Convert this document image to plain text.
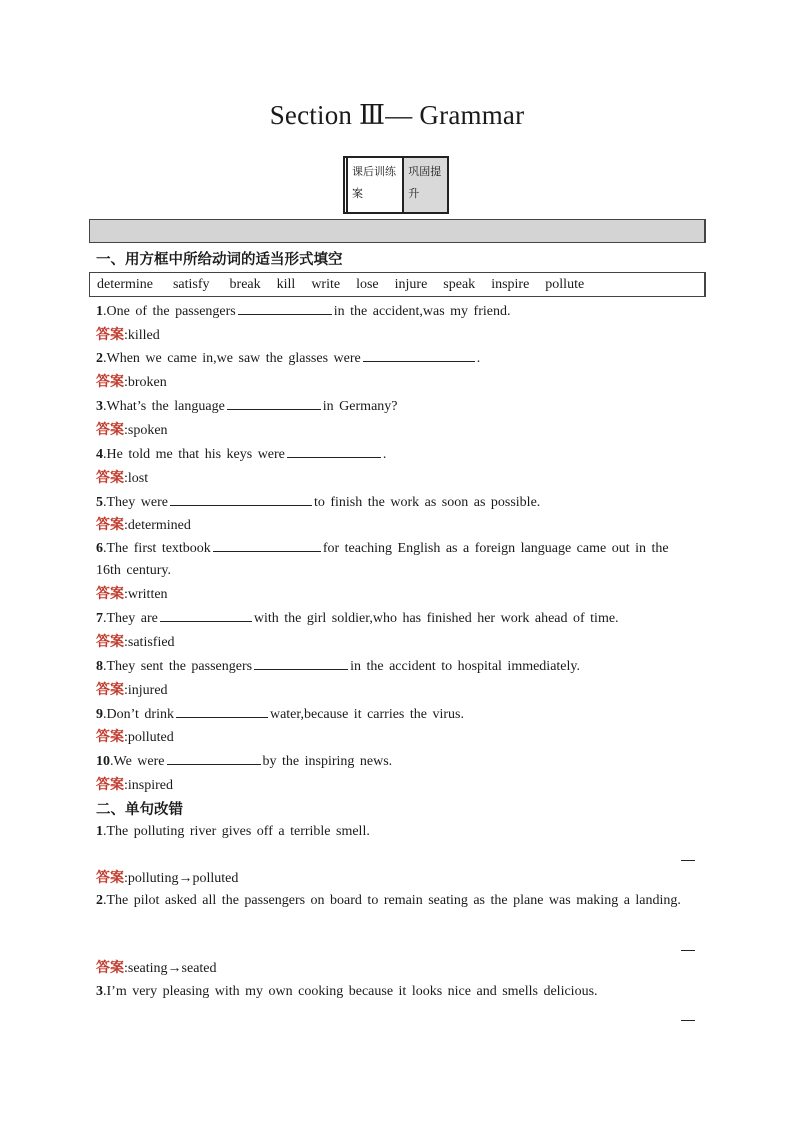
Section Ⅲ— Grammar
课后训练案
巩固提升
一、用方框中所给动词的适当形式填空
determine satisfy break kill write lose injure speak inspire pollute
1.One of the passengers	in the accident,was my friend.
答案:killed
2.When we came in,we saw the glasses were	.
答案:broken
3.What’s the language	in Germany?
答案:spoken
4.He told me that his keys were	.
答案:lost
5.They were	to finish the work as soon as possible.
答案:determined
6.The first textbook	for teaching English as a foreign language came out in the 16th century.
答案:written
7.They are	with the girl soldier,who has finished her work ahead of time.
答案:satisfied
8.They sent the passengers	in the accident to hospital immediately.
答案:injured
9.Don’t drink	water,because it carries the virus.
答案:polluted
10.We were	by the inspiring news.
答案:inspired
二、单句改错
1.The polluting river gives off a terrible smell.
答案:polluting→polluted
2.The pilot asked all the passengers on board to remain seating as the plane was making a landing.
答案:seating→seated
3.I’m very pleasing with my own cooking because it looks nice and smells delicious.
